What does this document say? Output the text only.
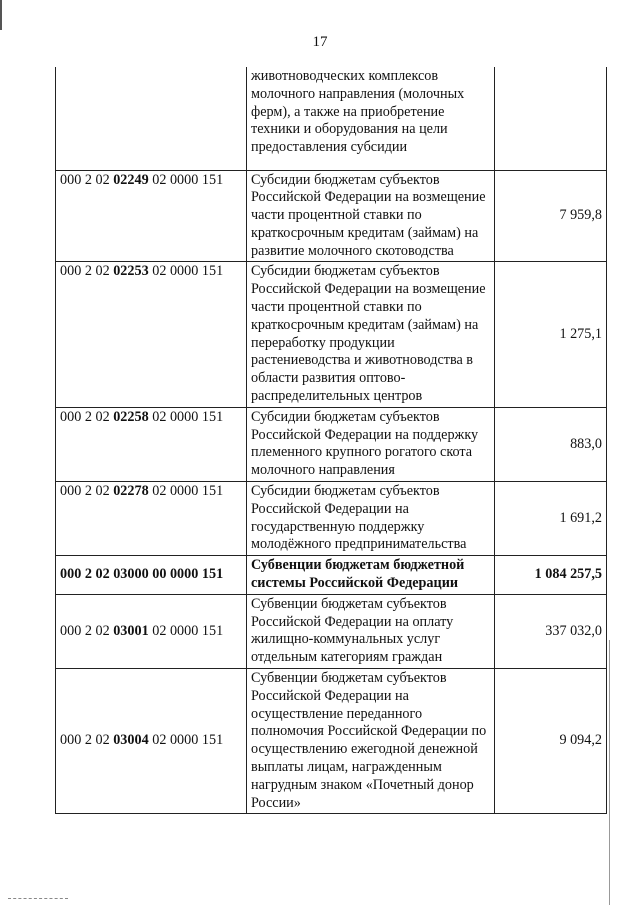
17
	животноводческих комплексов молочного направления (молочных ферм), а также на приобретение техники и оборудования на цели предоставления субсидии	
000 2 02 02249 02 0000 151	Субсидии бюджетам субъектов Российской Федерации на возмещение части процентной ставки по краткосрочным кредитам (займам) на развитие молочного скотоводства	7 959,8
000 2 02 02253 02 0000 151	Субсидии бюджетам субъектов Российской Федерации на возмещение части процентной ставки по краткосрочным кредитам (займам) на переработку продукции растениеводства и животноводства в области развития оптово-распределительных центров	1 275,1
000 2 02 02258 02 0000 151	Субсидии бюджетам субъектов Российской Федерации на поддержку племенного крупного рогатого скота молочного направления	883,0
000 2 02 02278 02 0000 151	Субсидии бюджетам субъектов Российской Федерации на государственную поддержку молодёжного предпринимательства	1 691,2
000 2 02 03000 00 0000 151	Субвенции бюджетам бюджетной системы Российской Федерации	1 084 257,5
000 2 02 03001 02 0000 151	Субвенции бюджетам субъектов Российской Федерации на оплату жилищно-коммунальных услуг отдельным категориям граждан	337 032,0
000 2 02 03004 02 0000 151	Субвенции бюджетам субъектов Российской Федерации на осуществление переданного полномочия Российской Федерации по осуществлению ежегодной денежной выплаты лицам, награжденным нагрудным знаком «Почетный донор России»	9 094,2
